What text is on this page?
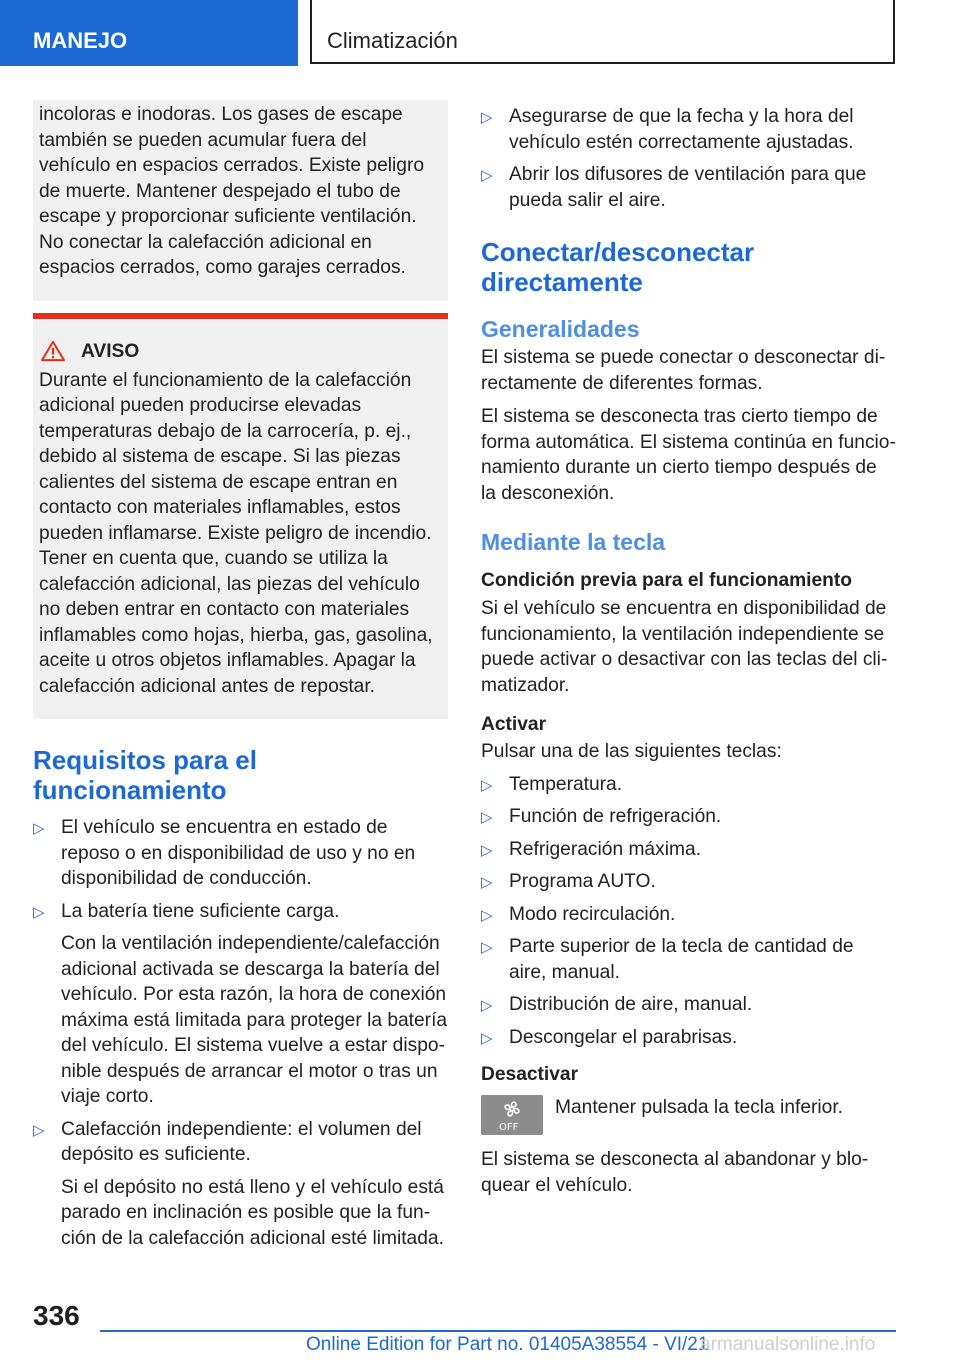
MANEJO	Climatización

incoloras e inodoras. Los gases de escape también se pueden acumular fuera del vehículo en espacios cerrados. Existe peligro de muerte. Mantener despejado el tubo de escape y proporcionar suficiente ventilación. No conectar la calefacción adicional en espacios cerrados, como garajes cerrados.

AVISO

Durante el funcionamiento de la calefacción adicional pueden producirse elevadas temperaturas debajo de la carrocería, p. ej., debido al sistema de escape. Si las piezas calientes del sistema de escape entran en contacto con materiales inflamables, estos pueden inflamarse. Existe peligro de incendio. Tener en cuenta que, cuando se utiliza la calefacción adicional, las piezas del vehículo no deben entrar en contacto con materiales inflamables como hojas, hierba, gas, gasolina, aceite u otros objetos inflamables. Apagar la calefacción adicional antes de repostar.

Requisitos para el funcionamiento
▷ El vehículo se encuentra en estado de reposo o en disponibilidad de uso y no en disponibilidad de conducción.

▷ La batería tiene suficiente carga.

Con la ventilación independiente/calefacción adicional activada se descarga la batería del vehículo. Por esta razón, la hora de conexión máxima está limitada para proteger la batería del vehículo. El sistema vuelve a estar disponible después de arrancar el motor o tras un viaje corto.

▷ Calefacción independiente: el volumen del depósito es suficiente.

Si el depósito no está lleno y el vehículo está parado en inclinación es posible que la función de la calefacción adicional esté limitada.

▷ Asegurarse de que la fecha y la hora del vehículo estén correctamente ajustadas.

▷ Abrir los difusores de ventilación para que pueda salir el aire.

Conectar/desconectar directamente
Generalidades

El sistema se puede conectar o desconectar directamente de diferentes formas.

El sistema se desconecta tras cierto tiempo de forma automática. El sistema continúa en funcionamiento durante un cierto tiempo después de la desconexión.

Mediante la tecla
Condición previa para el funcionamiento

Si el vehículo se encuentra en disponibilidad de funcionamiento, la ventilación independiente se puede activar o desactivar con las teclas del climatizador.

Activar

Pulsar una de las siguientes teclas:

▷ Temperatura.

▷ Función de refrigeración.

▷ Refrigeración máxima.

▷ Programa AUTO.

▷ Modo recirculación.

▷ Parte superior de la tecla de cantidad de aire, manual.

▷ Distribución de aire, manual.

▷ Descongelar el parabrisas.

Desactivar
OFF

Mantener pulsada la tecla inferior.

El sistema se desconecta al abandonar y bloquear el vehículo.

336
Online Edition for Part no. 01405A38554 - VI/21
armanualsonline.info
